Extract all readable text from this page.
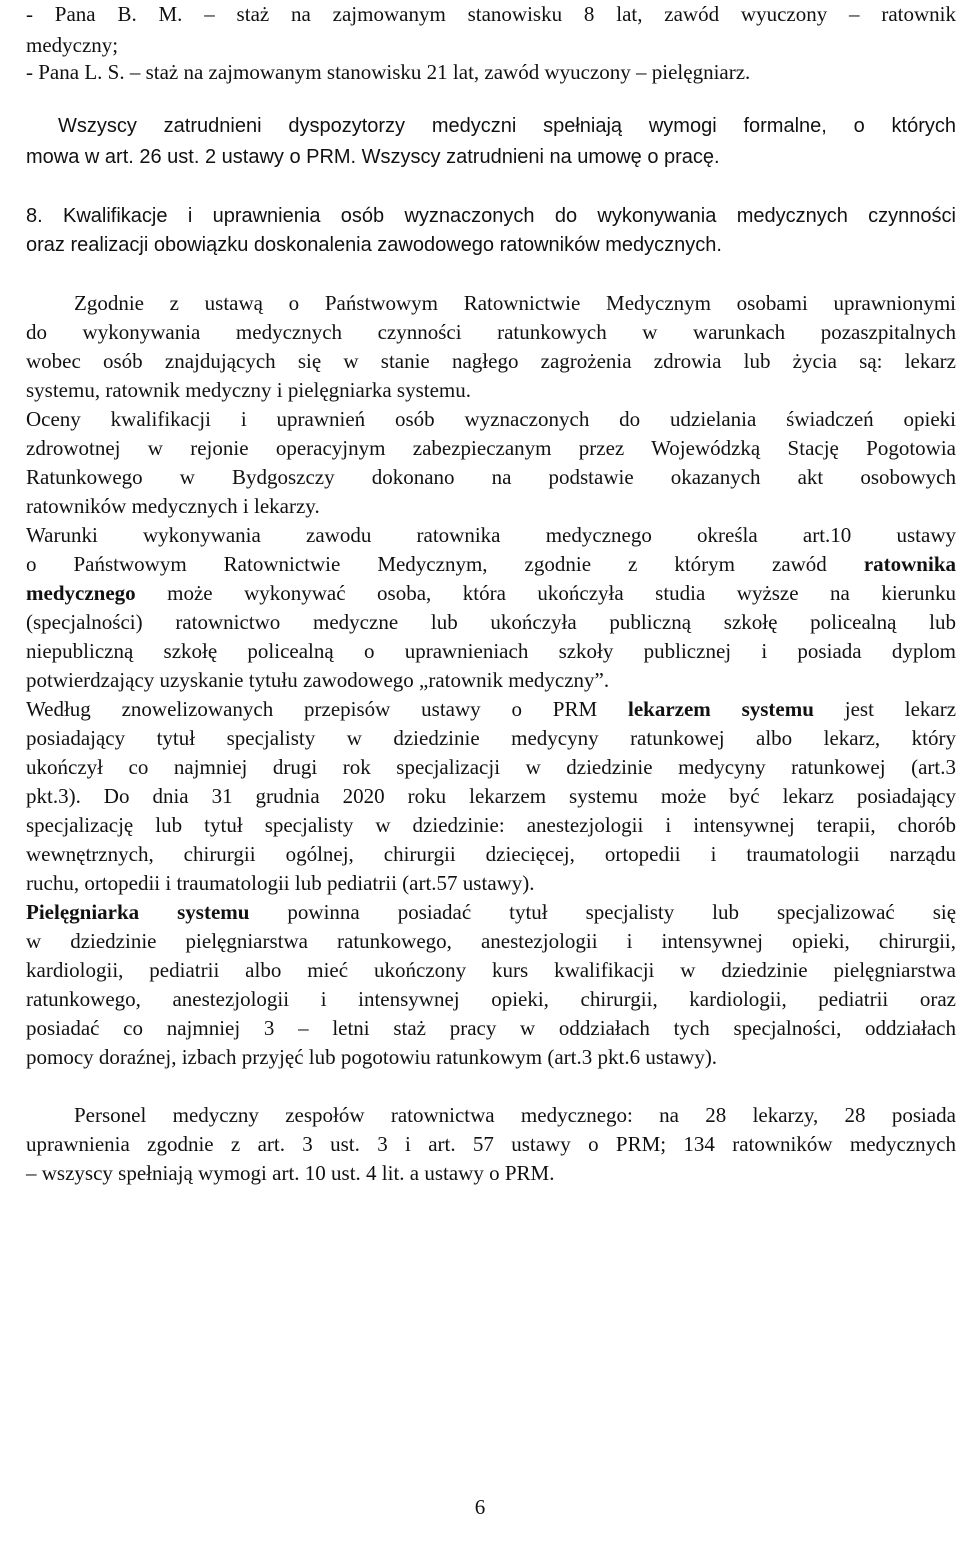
- Pana B. M. – staż na zajmowanym stanowisku 8 lat, zawód wyuczony – ratownik
medyczny;
- Pana L. S. – staż na zajmowanym stanowisku 21 lat, zawód wyuczony – pielęgniarz.
Wszyscy zatrudnieni dyspozytorzy medyczni spełniają wymogi formalne, o których
mowa w art. 26 ust. 2 ustawy o PRM. Wszyscy zatrudnieni na umowę o pracę.
8. Kwalifikacje i uprawnienia osób wyznaczonych do wykonywania medycznych czynności
oraz realizacji obowiązku doskonalenia zawodowego ratowników medycznych.
Zgodnie z ustawą o Państwowym Ratownictwie Medycznym osobami uprawnionymi
do wykonywania medycznych czynności ratunkowych w warunkach pozaszpitalnych
wobec osób znajdujących się w stanie nagłego zagrożenia zdrowia lub życia są: lekarz
systemu, ratownik medyczny i pielęgniarka systemu.
Oceny kwalifikacji i uprawnień osób wyznaczonych do udzielania świadczeń opieki
zdrowotnej w rejonie operacyjnym zabezpieczanym przez Wojewódzką Stację Pogotowia
Ratunkowego w Bydgoszczy dokonano na podstawie okazanych akt osobowych
ratowników medycznych i lekarzy.
Warunki wykonywania zawodu ratownika medycznego określa art.10 ustawy
o Państwowym Ratownictwie Medycznym, zgodnie z którym zawód ratownika
medycznego może wykonywać osoba, która ukończyła studia wyższe na kierunku
(specjalności) ratownictwo medyczne lub ukończyła publiczną szkołę policealną lub
niepubliczną szkołę policealną o uprawnieniach szkoły publicznej i posiada dyplom
potwierdzający uzyskanie tytułu zawodowego „ratownik medyczny”.
Według znowelizowanych przepisów ustawy o PRM lekarzem systemu jest lekarz
posiadający tytuł specjalisty w dziedzinie medycyny ratunkowej albo lekarz, który
ukończył co najmniej drugi rok specjalizacji w dziedzinie medycyny ratunkowej (art.3
pkt.3). Do dnia 31 grudnia 2020 roku lekarzem systemu może być lekarz posiadający
specjalizację lub tytuł specjalisty w dziedzinie: anestezjologii i intensywnej terapii, chorób
wewnętrznych, chirurgii ogólnej, chirurgii dziecięcej, ortopedii i traumatologii narządu
ruchu, ortopedii i traumatologii lub pediatrii (art.57 ustawy).
Pielęgniarka systemu powinna posiadać tytuł specjalisty lub specjalizować się
w dziedzinie pielęgniarstwa ratunkowego, anestezjologii i intensywnej opieki, chirurgii,
kardiologii, pediatrii albo mieć ukończony kurs kwalifikacji w dziedzinie pielęgniarstwa
ratunkowego, anestezjologii i intensywnej opieki, chirurgii, kardiologii, pediatrii oraz
posiadać co najmniej 3 – letni staż pracy w oddziałach tych specjalności, oddziałach
pomocy doraźnej, izbach przyjęć lub pogotowiu ratunkowym (art.3 pkt.6 ustawy).
Personel medyczny zespołów ratownictwa medycznego: na 28 lekarzy, 28 posiada
uprawnienia zgodnie z art. 3 ust. 3 i art. 57 ustawy o PRM; 134 ratowników medycznych
– wszyscy spełniają wymogi art. 10 ust. 4 lit. a ustawy o PRM.
6
